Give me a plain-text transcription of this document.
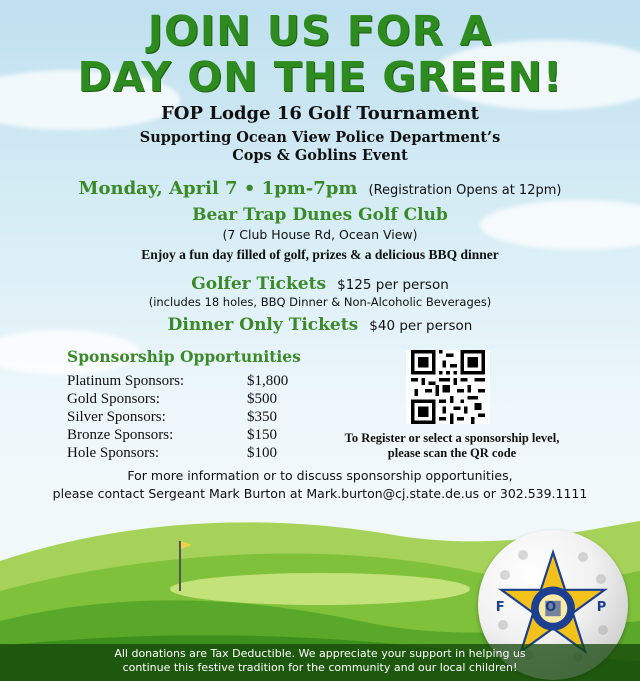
JOIN US FOR A
DAY ON THE GREEN!
FOP Lodge 16 Golf Tournament
Supporting Ocean View Police Department’s
Cops & Goblins Event
Monday, April 7 • 1pm-7pm (Registration Opens at 12pm)
Bear Trap Dunes Golf Club
(7 Club House Rd, Ocean View)
Enjoy a fun day filled of golf, prizes & a delicious BBQ dinner
Golfer Tickets $125 per person
(includes 18 holes, BBQ Dinner & Non-Alcoholic Beverages)
Dinner Only Tickets $40 per person
Sponsorship Opportunities
Platinum Sponsors:	$1,800
Gold Sponsors:	$500
Silver Sponsors:	$350
Bronze Sponsors:	$150
Hole Sponsors:	$100
To Register or select a sponsorship level,
please scan the QR code
For more information or to discuss sponsorship opportunities,
please contact Sergeant Mark Burton at Mark.burton@cj.state.de.us or 302.539.1111
F O P
All donations are Tax Deductible. We appreciate your support in helping us
continue this festive tradition for the community and our local children!
